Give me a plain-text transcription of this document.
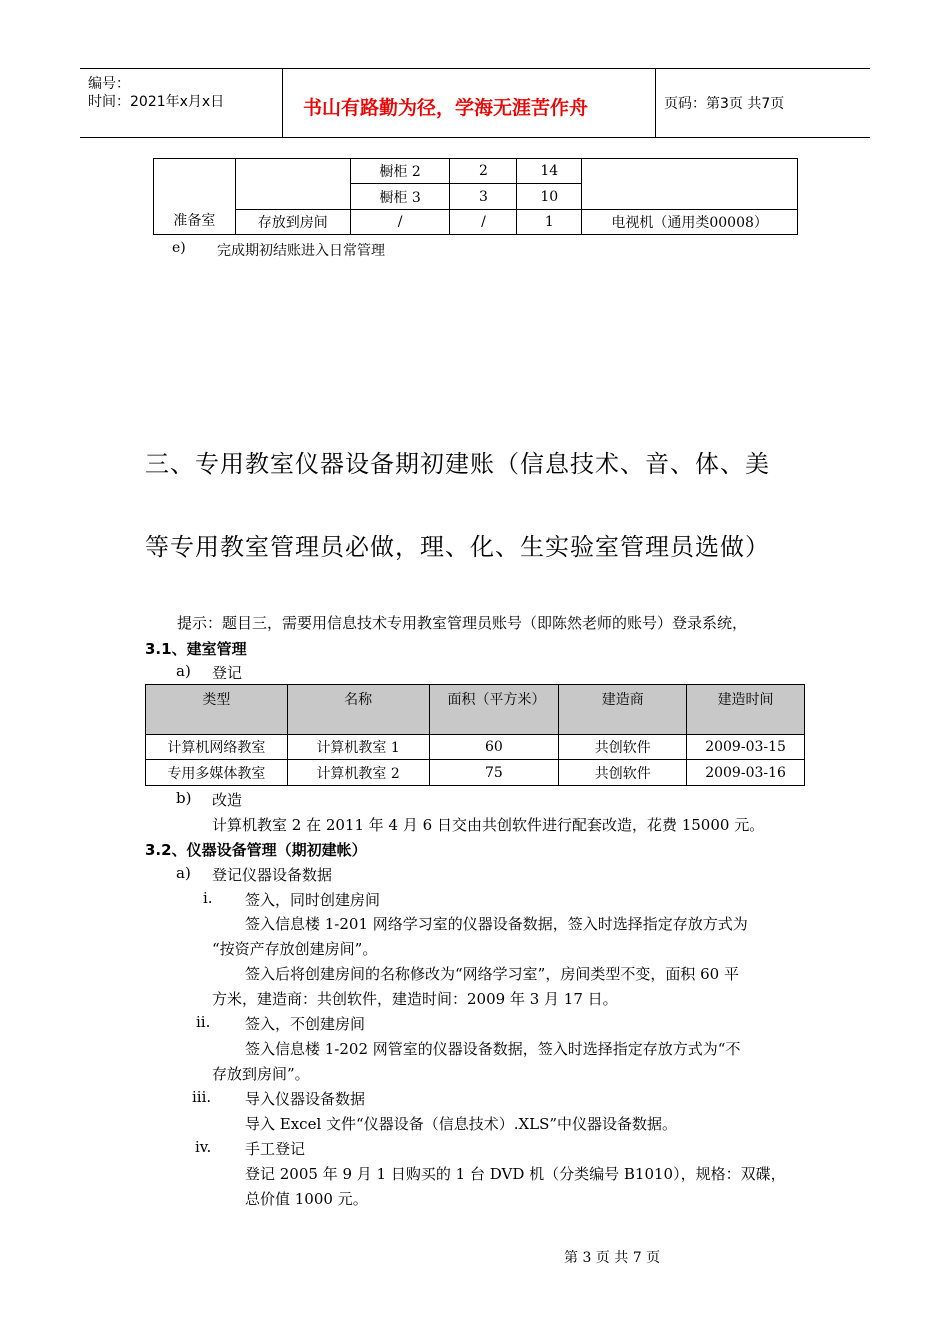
编号：
时间：2021年x月x日	书山有路勤为径，学海无涯苦作舟	页码：第3页 共7页
准备室		橱柜 2	2	14	
		橱柜 3	3	10	
	存放到房间	/	/	1	电视机（通用类00008）
e) 完成期初结账进入日常管理
三、专用教室仪器设备期初建账（信息技术、音、体、美
等专用教室管理员必做，理、化、生实验室管理员选做）
提示：题目三，需要用信息技术专用教室管理员账号（即陈然老师的账号）登录系统，
3.1、建室管理
a) 登记
类型	名称	面积（平方米）	建造商	建造时间
计算机网络教室	计算机教室 1	60	共创软件	2009-03-15
专用多媒体教室	计算机教室 2	75	共创软件	2009-03-16
b) 改造
计算机教室 2 在 2011 年 4 月 6 日交由共创软件进行配套改造，花费 15000 元。
3.2、仪器设备管理（期初建帐）
a) 登记仪器设备数据
i. 签入，同时创建房间
签入信息楼 1-201 网络学习室的仪器设备数据，签入时选择指定存放方式为
“按资产存放创建房间”。
签入后将创建房间的名称修改为“网络学习室”，房间类型不变，面积 60 平
方米，建造商：共创软件，建造时间：2009 年 3 月 17 日。
ii. 签入，不创建房间
签入信息楼 1-202 网管室的仪器设备数据，签入时选择指定存放方式为“不
存放到房间”。
iii. 导入仪器设备数据
导入 Excel 文件“仪器设备（信息技术）.XLS”中仪器设备数据。
iv. 手工登记
登记 2005 年 9 月 1 日购买的 1 台 DVD 机（分类编号 B1010），规格：双碟，
总价值 1000 元。
第 3 页 共 7 页
